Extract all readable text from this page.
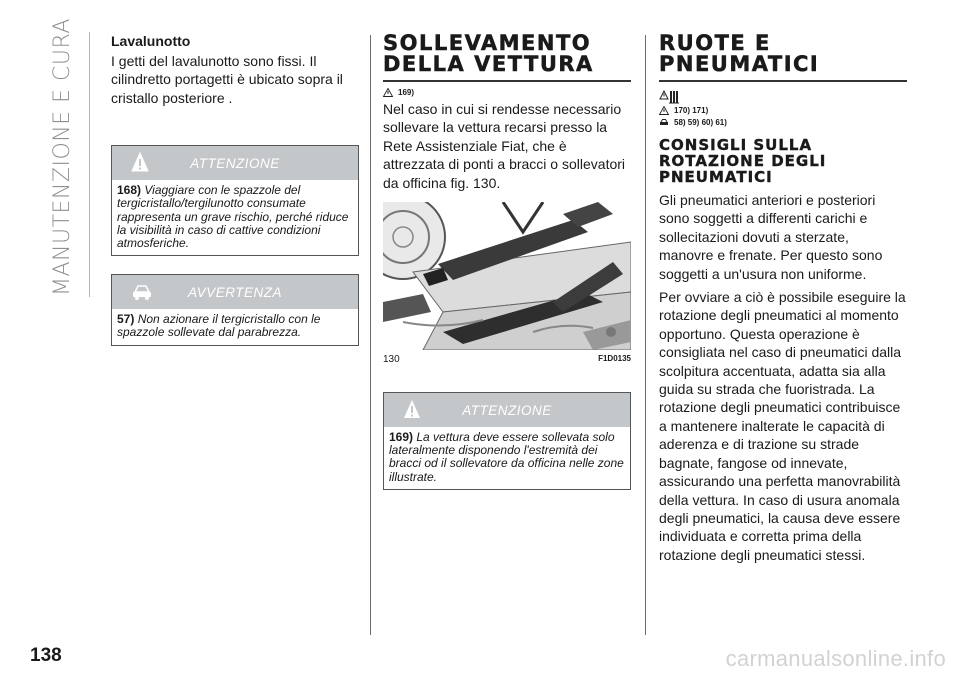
MANUTENZIONE E CURA	Lavalunotto

I getti del lavalunotto sono fissi. Il cilindretto portagetti è ubicato sopra il cristallo posteriore .

ATTENZIONE
168) Viaggiare con le spazzole del tergicristallo/tergilunotto consumate rappresenta un grave rischio, perché riduce la visibilità in caso di cattive condizioni atmosferiche.
AVVERTENZA
57) Non azionare il tergicristallo con le spazzole sollevate dal parabrezza.
SOLLEVAMENTO
DELLA VETTURA
169)

Nel caso in cui si rendesse necessario sollevare la vettura recarsi presso la Rete Assistenziale Fiat, che è attrezzata di ponti a bracci o sollevatori da officina fig. 130.

130	F1D0135
ATTENZIONE
169) La vettura deve essere sollevata solo lateralmente disponendo l'estremità dei bracci od il sollevatore da officina nelle zone illustrate.
RUOTE E
PNEUMATICI
170) 171)
58) 59) 60) 61)
CONSIGLI SULLA
ROTAZIONE DEGLI
PNEUMATICI

Gli pneumatici anteriori e posteriori sono soggetti a differenti carichi e sollecitazioni dovuti a sterzate, manovre e frenate. Per questo sono soggetti a un'usura non uniforme.

Per ovviare a ciò è possibile eseguire la rotazione degli pneumatici al momento opportuno. Questa operazione è consigliata nel caso di pneumatici dalla scolpitura accentuata, adatta sia alla guida su strada che fuoristrada. La rotazione degli pneumatici contribuisce a mantenere inalterate le capacità di aderenza e di trazione su strade bagnate, fangose od innevate, assicurando una perfetta manovrabilità della vettura. In caso di usura anomala degli pneumatici, la causa deve essere individuata e corretta prima della rotazione degli pneumatici stessi.

138	carmanualsonline.info
